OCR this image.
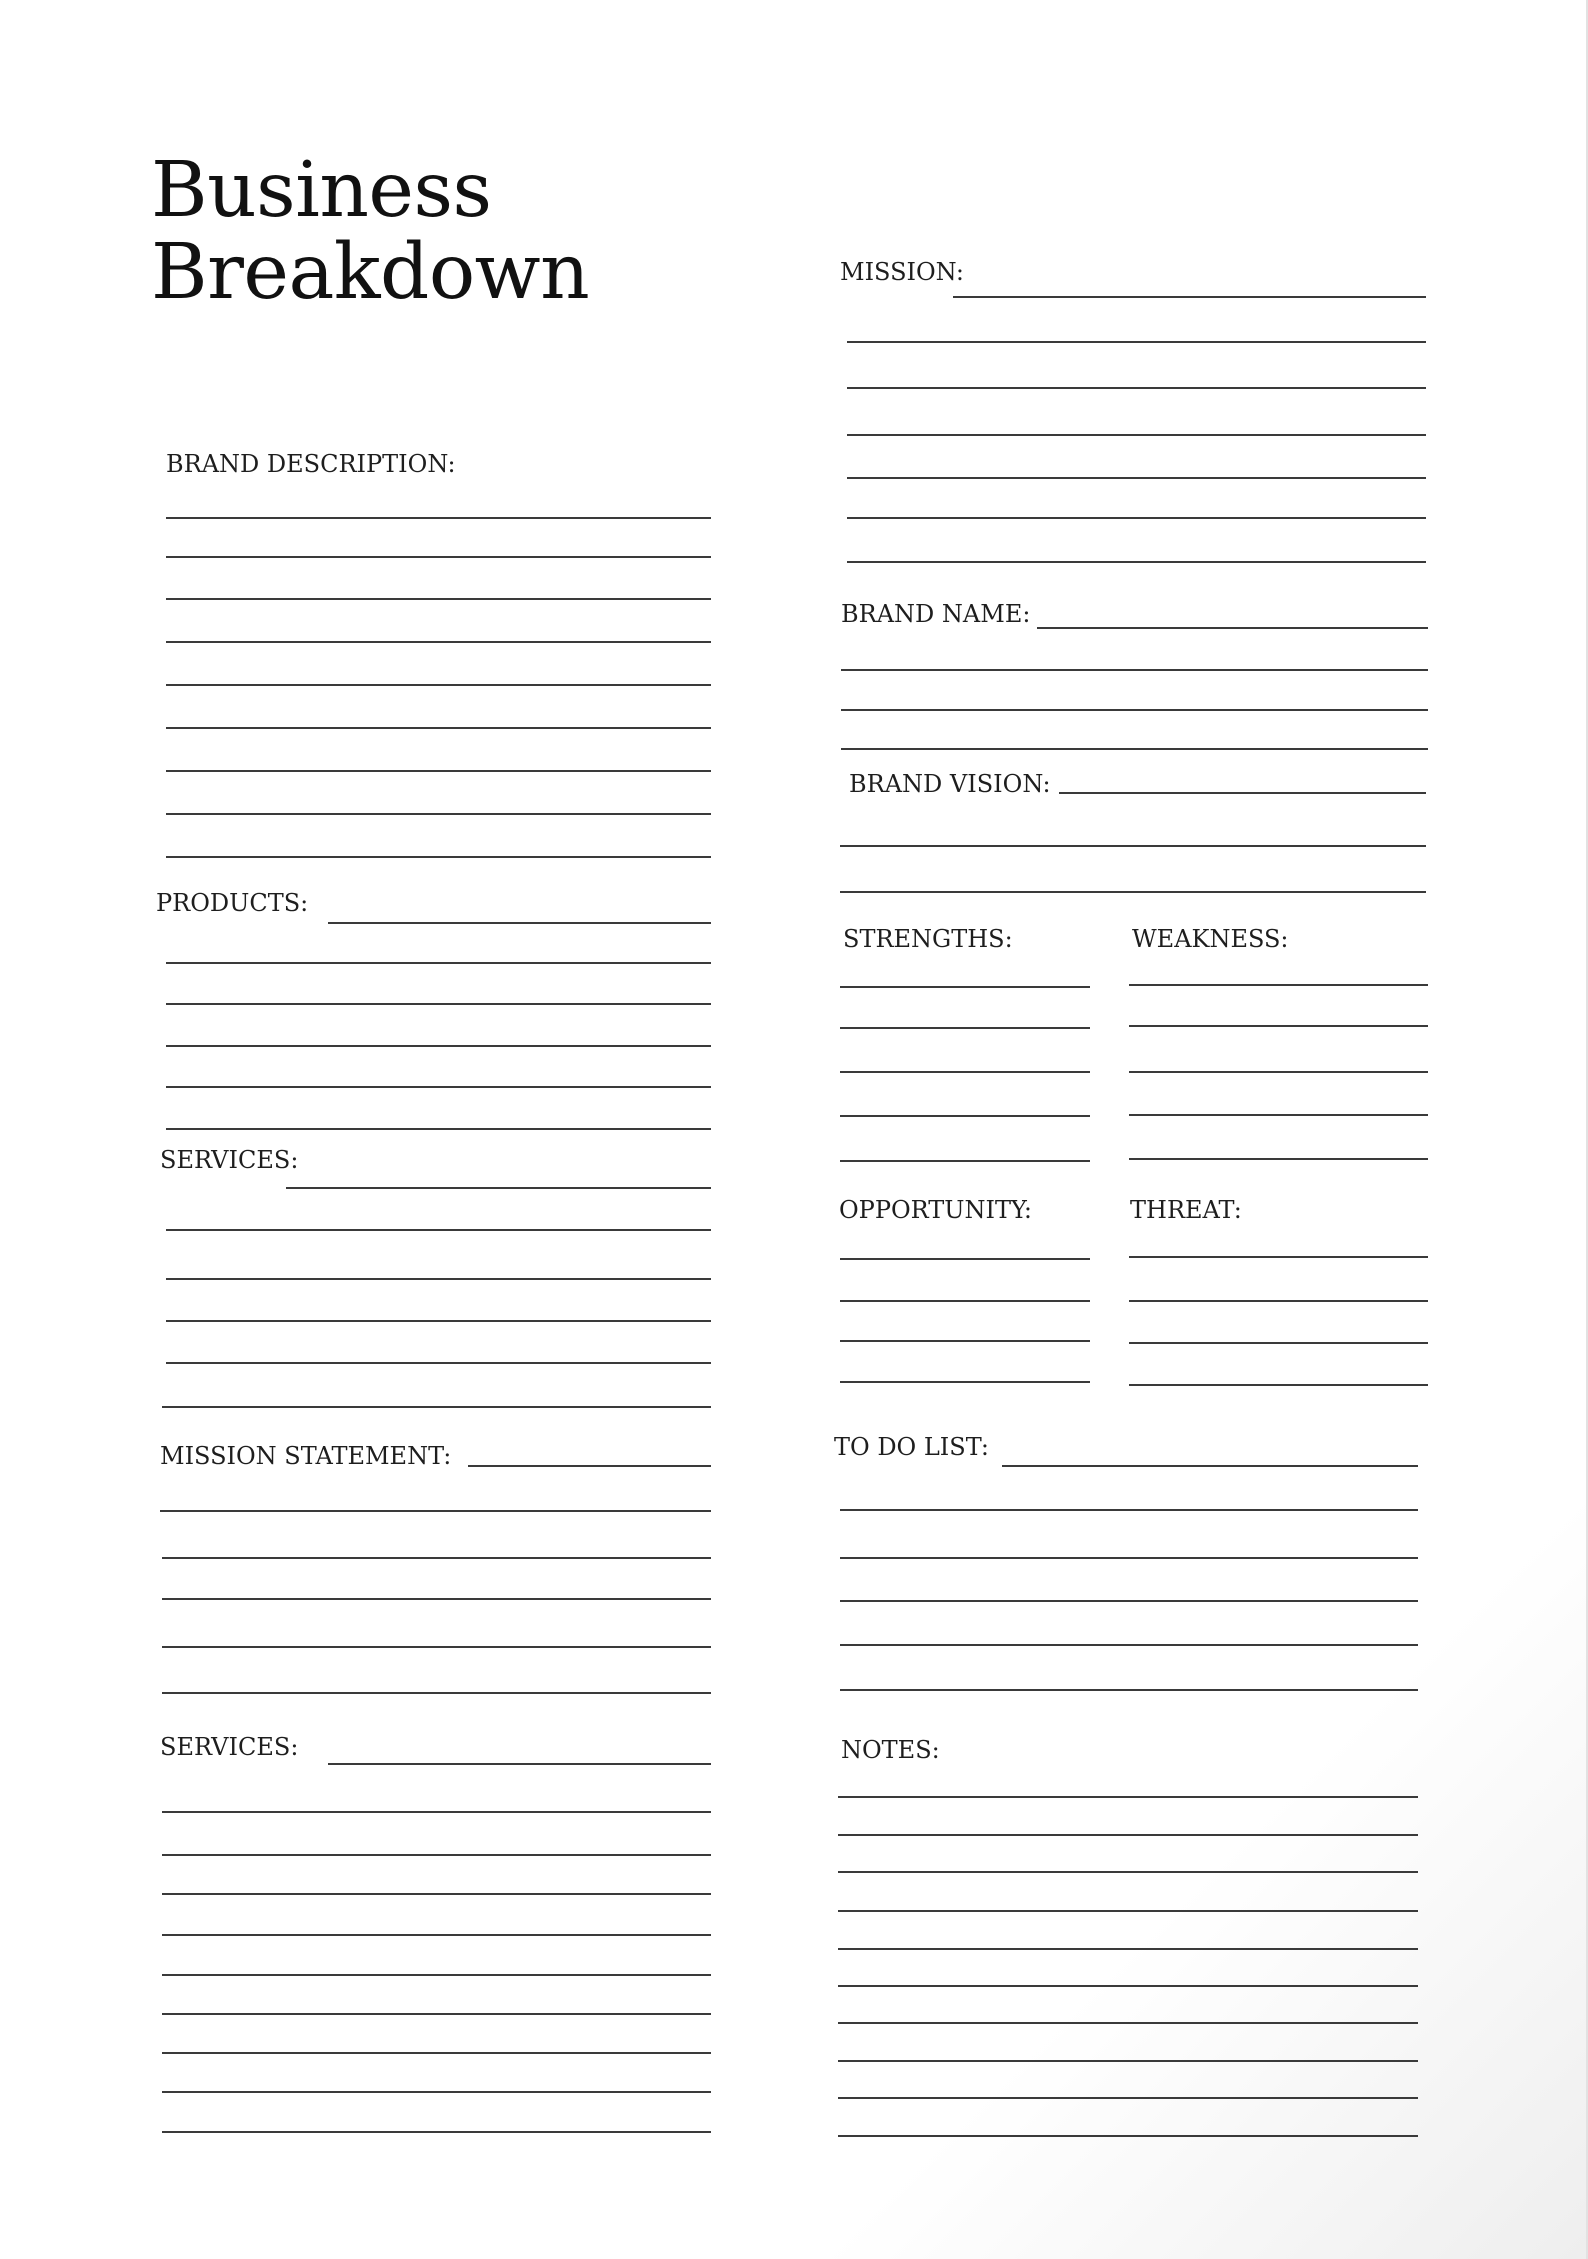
Business
Breakdown
BRAND DESCRIPTION:
PRODUCTS:
SERVICES:
MISSION STATEMENT:
SERVICES:
MISSION:
BRAND NAME:
BRAND VISION:
STRENGTHS:	WEAKNESS:
OPPORTUNITY:	THREAT:
TO DO LIST:
NOTES:
